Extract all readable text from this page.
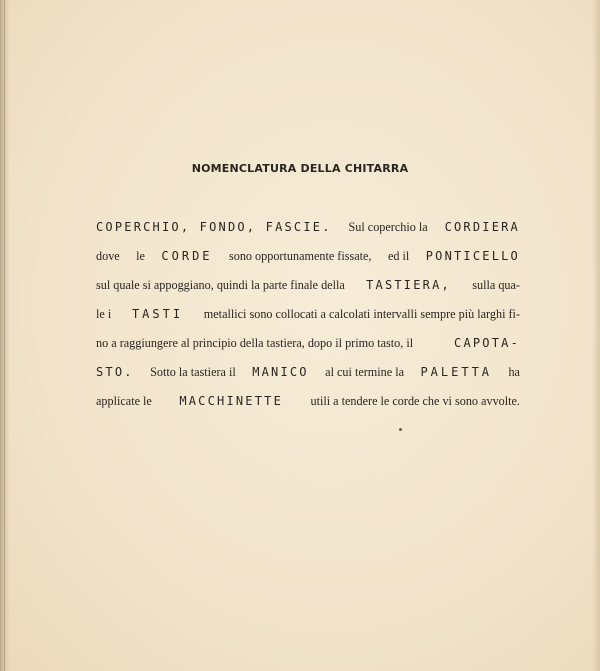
NOMENCLATURA DELLA CHITARRA
COPERCHIO, FONDO, FASCIE. Sul coperchio la CORDIERA
dove le CORDE sono opportunamente fissate, ed il PONTICELLO
sul quale si appoggiano, quindi la parte finale della TASTIERA, sulla qua-
le i TASTI metallici sono collocati a calcolati intervalli sempre più larghi fi-
no a raggiungere al principio della tastiera, dopo il primo tasto, il	CAPOTA-
STO. Sotto la tastiera il MANICO al cui termine la PALETTA ha
applicate le MACCHINETTE utili a tendere le corde che vi sono avvolte.
